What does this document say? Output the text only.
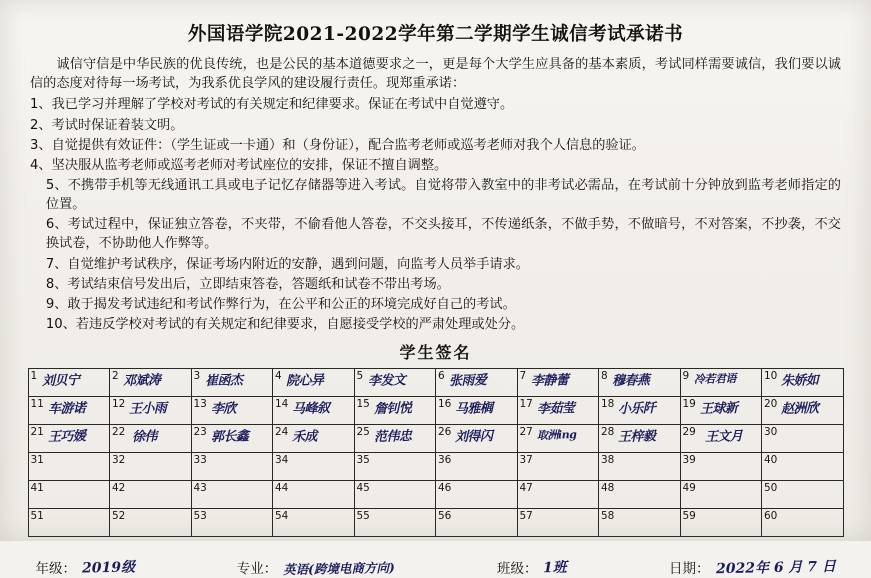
外国语学院2021-2022学年第二学期学生诚信考试承诺书
诚信守信是中华民族的优良传统，也是公民的基本道德要求之一，更是每个大学生应具备的基本素质，考试同样需要诚信，我们要以诚信的态度对待每一场考试，为我系优良学风的建设履行责任。现郑重承诺：
1、我已学习并理解了学校对考试的有关规定和纪律要求。保证在考试中自觉遵守。
2、考试时保证着装文明。
3、自觉提供有效证件：（学生证或一卡通）和（身份证），配合监考老师或巡考老师对我个人信息的验证。
4、坚决服从监考老师或巡考老师对考试座位的安排，保证不擅自调整。
5、不携带手机等无线通讯工具或电子记忆存储器等进入考试。自觉将带入教室中的非考试必需品，在考试前十分钟放到监考老师指定的位置。
6、考试过程中，保证独立答卷，不夹带，不偷看他人答卷，不交头接耳，不传递纸条，不做手势，不做暗号，不对答案，不抄袭，不交换试卷，不协助他人作弊等。
7、自觉维护考试秩序，保证考场内附近的安静，遇到问题，向监考人员举手请求。
8、考试结束信号发出后，立即结束答卷，答题纸和试卷不带出考场。
9、敢于揭发考试违纪和考试作弊行为，在公平和公正的环境完成好自己的考试。
10、若违反学校对考试的有关规定和纪律要求，自愿接受学校的严肃处理或处分。
学生签名
1 刘贝宁	2 邓斌涛	3 崔函杰	4 院心异	5 李发文	6 张雨爱	7 李静蕾	8 穆春燕	9 冷若君语	10 朱娇如

11 车游诺	12 王小雨	13 李欣	14 马峰叙	15 詹钊悦	16 马雅榈	17 李茹莹	18 小乐阡	19 王球新	20 赵洲欣

21 王巧媛	22 徐伟	23 郭长鑫	24 禾成	25 范伟忠	26 刘得闪	27 取洲ing	28 王梓毅	29 王文月	30

31	32	33	34	35	36	37	38	39	40

41	42	43	44	45	46	47	48	49	50

51	52	53	54	55	56	57	58	59	60
年级： 2019级	专业： 英语(跨境电商方向)	班级： 1班	日期： 2022年 6 月 7 日
